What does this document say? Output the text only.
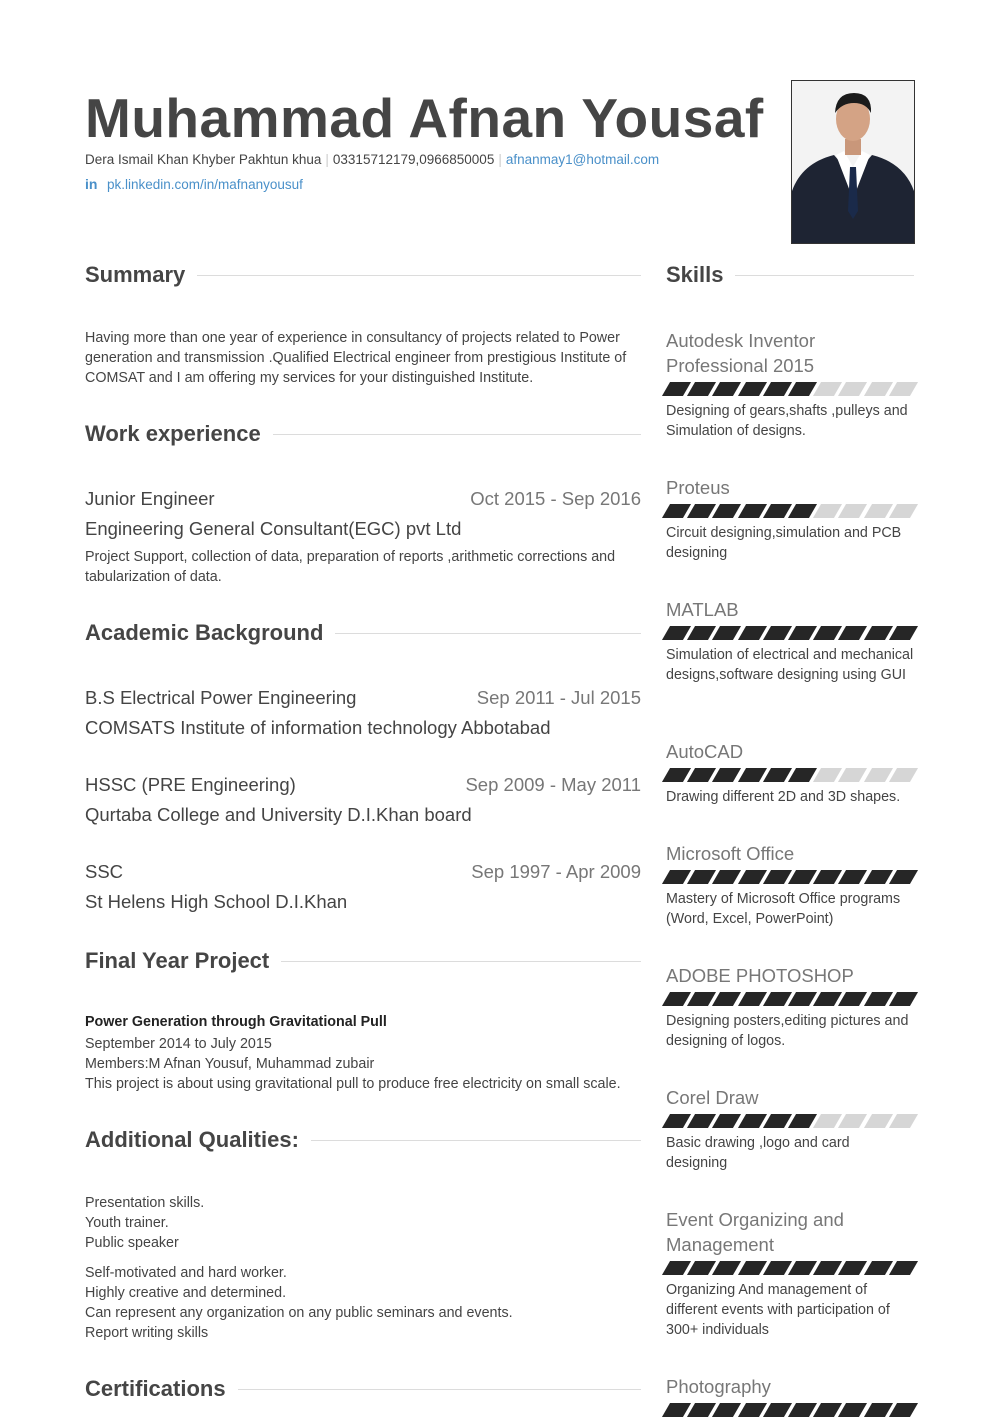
Muhammad Afnan Yousaf
Dera Ismail Khan Khyber Pakhtun khua | 03315712179,0966850005 | afnanmay1@hotmail.com
in pk.linkedin.com/in/mafnanyousuf
Summary
Having more than one year of experience in consultancy of projects related to Power generation and transmission .Qualified Electrical engineer from prestigious Institute of COMSAT and I am offering my services for your distinguished Institute.
Work experience
Junior Engineer	Oct 2015 - Sep 2016
Engineering General Consultant(EGC) pvt Ltd
Project Support, collection of data, preparation of reports ,arithmetic corrections and tabularization of data.
Academic Background
B.S Electrical Power Engineering	Sep 2011 - Jul 2015
COMSATS Institute of information technology Abbotabad
HSSC (PRE Engineering)	Sep 2009 - May 2011
Qurtaba College and University D.I.Khan board
SSC	Sep 1997 - Apr 2009
St Helens High School D.I.Khan
Final Year Project
Power Generation through Gravitational Pull
September 2014 to July 2015
Members:M Afnan Yousuf, Muhammad zubair
This project is about using gravitational pull to produce free electricity on small scale.
Additional Qualities:
Presentation skills.
Youth trainer.
Public speaker
Self-motivated and hard worker.
Highly creative and determined.
Can represent any organization on any public seminars and events.
Report writing skills
Certifications
Skills
Autodesk Inventor Professional 2015
Designing of gears,shafts ,pulleys and Simulation of designs.
Proteus
Circuit designing,simulation and PCB designing
MATLAB
Simulation of electrical and mechanical designs,software designing using GUI
AutoCAD
Drawing different 2D and 3D shapes.
Microsoft Office
Mastery of Microsoft Office programs (Word, Excel, PowerPoint)
ADOBE PHOTOSHOP
Designing posters,editing pictures and designing of logos.
Corel Draw
Basic drawing ,logo and card designing
Event Organizing and Management
Organizing And management of different events with participation of 300+ individuals
Photography
